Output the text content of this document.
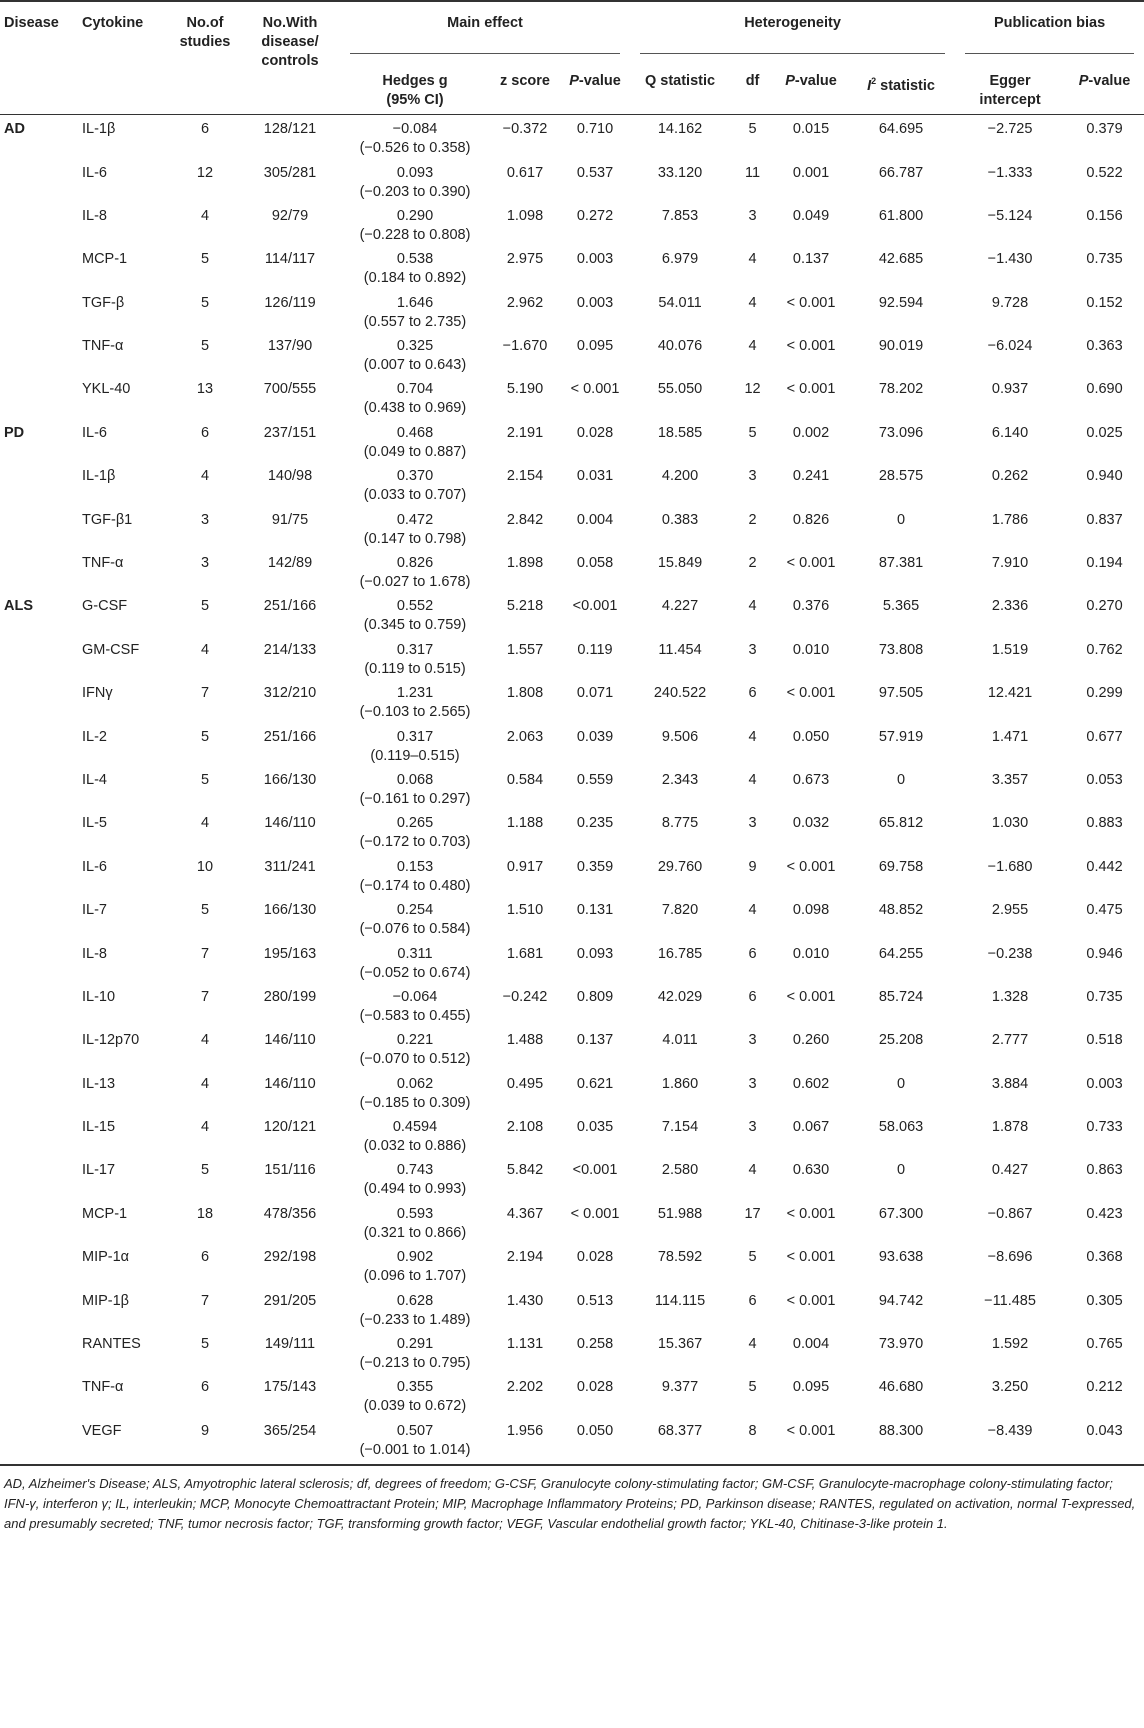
Disease	Cytokine	No.of studies	No.With disease/ controls	Main effect			Heterogeneity				Publication bias	

				Hedges g (95% CI)	z score	P-value	Q statistic	df	P-value	$I^2$ statistic	Egger intercept	P-value
AD	IL-1β	6	128/121	−0.084
(−0.526 to 0.358)	−0.372	0.710	14.162	5	0.015	64.695	−2.725	0.379
	IL-6	12	305/281	0.093
(−0.203 to 0.390)	0.617	0.537	33.120	11	0.001	66.787	−1.333	0.522
	IL-8	4	92/79	0.290
(−0.228 to 0.808)	1.098	0.272	7.853	3	0.049	61.800	−5.124	0.156
	MCP-1	5	114/117	0.538
(0.184 to 0.892)	2.975	0.003	6.979	4	0.137	42.685	−1.430	0.735
	TGF-β	5	126/119	1.646
(0.557 to 2.735)	2.962	0.003	54.011	4	< 0.001	92.594	9.728	0.152
	TNF-α	5	137/90	0.325
(0.007 to 0.643)	−1.670	0.095	40.076	4	< 0.001	90.019	−6.024	0.363
	YKL-40	13	700/555	0.704
(0.438 to 0.969)	5.190	< 0.001	55.050	12	< 0.001	78.202	0.937	0.690
PD	IL-6	6	237/151	0.468
(0.049 to 0.887)	2.191	0.028	18.585	5	0.002	73.096	6.140	0.025
	IL-1β	4	140/98	0.370
(0.033 to 0.707)	2.154	0.031	4.200	3	0.241	28.575	0.262	0.940
	TGF-β1	3	91/75	0.472
(0.147 to 0.798)	2.842	0.004	0.383	2	0.826	0	1.786	0.837
	TNF-α	3	142/89	0.826
(−0.027 to 1.678)	1.898	0.058	15.849	2	< 0.001	87.381	7.910	0.194
ALS	G-CSF	5	251/166	0.552
(0.345 to 0.759)	5.218	<0.001	4.227	4	0.376	5.365	2.336	0.270
	GM-CSF	4	214/133	0.317
(0.119 to 0.515)	1.557	0.119	11.454	3	0.010	73.808	1.519	0.762
	IFNγ	7	312/210	1.231
(−0.103 to 2.565)	1.808	0.071	240.522	6	< 0.001	97.505	12.421	0.299
	IL-2	5	251/166	0.317
(0.119–0.515)	2.063	0.039	9.506	4	0.050	57.919	1.471	0.677
	IL-4	5	166/130	0.068
(−0.161 to 0.297)	0.584	0.559	2.343	4	0.673	0	3.357	0.053
	IL-5	4	146/110	0.265
(−0.172 to 0.703)	1.188	0.235	8.775	3	0.032	65.812	1.030	0.883
	IL-6	10	311/241	0.153
(−0.174 to 0.480)	0.917	0.359	29.760	9	< 0.001	69.758	−1.680	0.442
	IL-7	5	166/130	0.254
(−0.076 to 0.584)	1.510	0.131	7.820	4	0.098	48.852	2.955	0.475
	IL-8	7	195/163	0.311
(−0.052 to 0.674)	1.681	0.093	16.785	6	0.010	64.255	−0.238	0.946
	IL-10	7	280/199	−0.064
(−0.583 to 0.455)	−0.242	0.809	42.029	6	< 0.001	85.724	1.328	0.735
	IL-12p70	4	146/110	0.221
(−0.070 to 0.512)	1.488	0.137	4.011	3	0.260	25.208	2.777	0.518
	IL-13	4	146/110	0.062
(−0.185 to 0.309)	0.495	0.621	1.860	3	0.602	0	3.884	0.003
	IL-15	4	120/121	0.4594
(0.032 to 0.886)	2.108	0.035	7.154	3	0.067	58.063	1.878	0.733
	IL-17	5	151/116	0.743
(0.494 to 0.993)	5.842	<0.001	2.580	4	0.630	0	0.427	0.863
	MCP-1	18	478/356	0.593
(0.321 to 0.866)	4.367	< 0.001	51.988	17	< 0.001	67.300	−0.867	0.423
	MIP-1α	6	292/198	0.902
(0.096 to 1.707)	2.194	0.028	78.592	5	< 0.001	93.638	−8.696	0.368
	MIP-1β	7	291/205	0.628
(−0.233 to 1.489)	1.430	0.513	114.115	6	< 0.001	94.742	−11.485	0.305
	RANTES	5	149/111	0.291
(−0.213 to 0.795)	1.131	0.258	15.367	4	0.004	73.970	1.592	0.765
	TNF-α	6	175/143	0.355
(0.039 to 0.672)	2.202	0.028	9.377	5	0.095	46.680	3.250	0.212
	VEGF	9	365/254	0.507
(−0.001 to 1.014)	1.956	0.050	68.377	8	< 0.001	88.300	−8.439	0.043
AD, Alzheimer's Disease; ALS, Amyotrophic lateral sclerosis; df, degrees of freedom; G-CSF, Granulocyte colony-stimulating factor; GM-CSF, Granulocyte-macrophage colony-stimulating factor; IFN-γ, interferon γ; IL, interleukin; MCP, Monocyte Chemoattractant Protein; MIP, Macrophage Inflammatory Proteins; PD, Parkinson disease; RANTES, regulated on activation, normal T-expressed, and presumably secreted; TNF, tumor necrosis factor; TGF, transforming growth factor; VEGF, Vascular endothelial growth factor; YKL-40, Chitinase-3-like protein 1.
